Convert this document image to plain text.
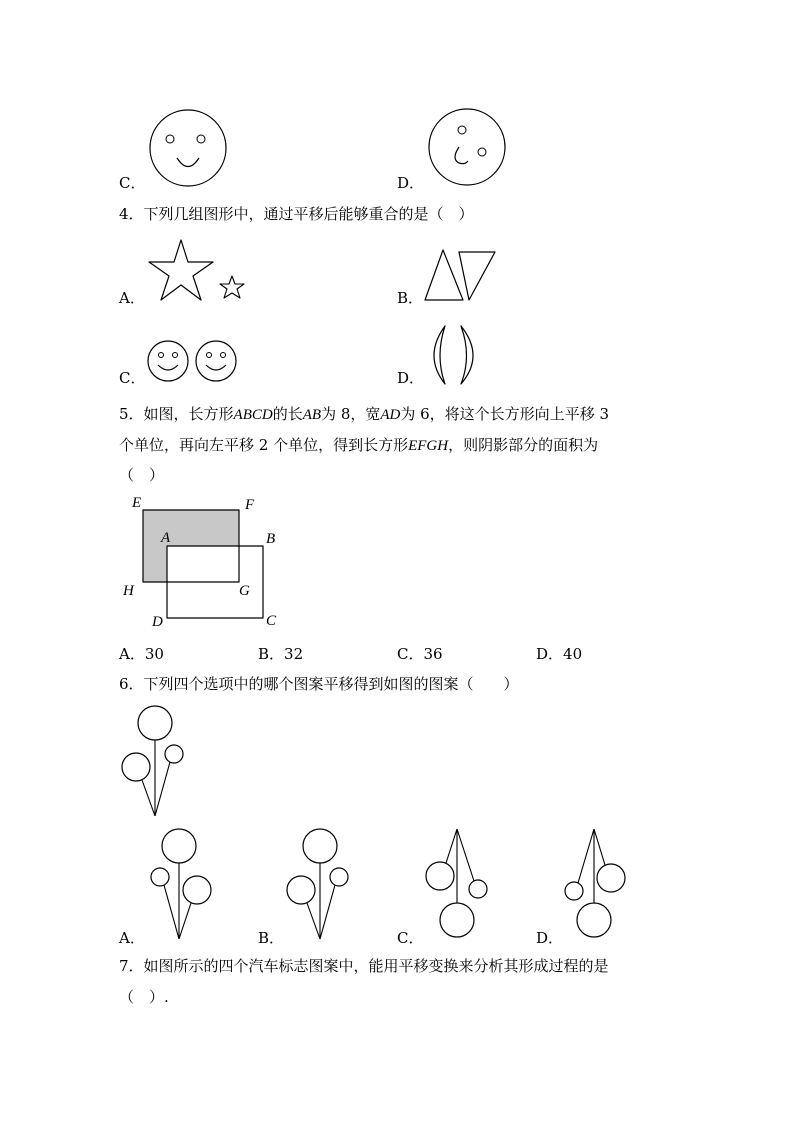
C．	D．
4．下列几组图形中，通过平移后能够重合的是（　）
A．	B．
C．	D．
5．如图，长方形ABCD的长AB为 8，宽AD为 6，将这个长方形向上平移 3
个单位，再向左平移 2 个单位，得到长方形EFGH，则阴影部分的面积为
（　）
E	F
A	B
H	G
D	C
A．30	B．32	C．36	D．40
6．下列四个选项中的哪个图案平移得到如图的图案（　　）
A．	B．	C．	D．
7．如图所示的四个汽车标志图案中，能用平移变换来分析其形成过程的是
（　）.
